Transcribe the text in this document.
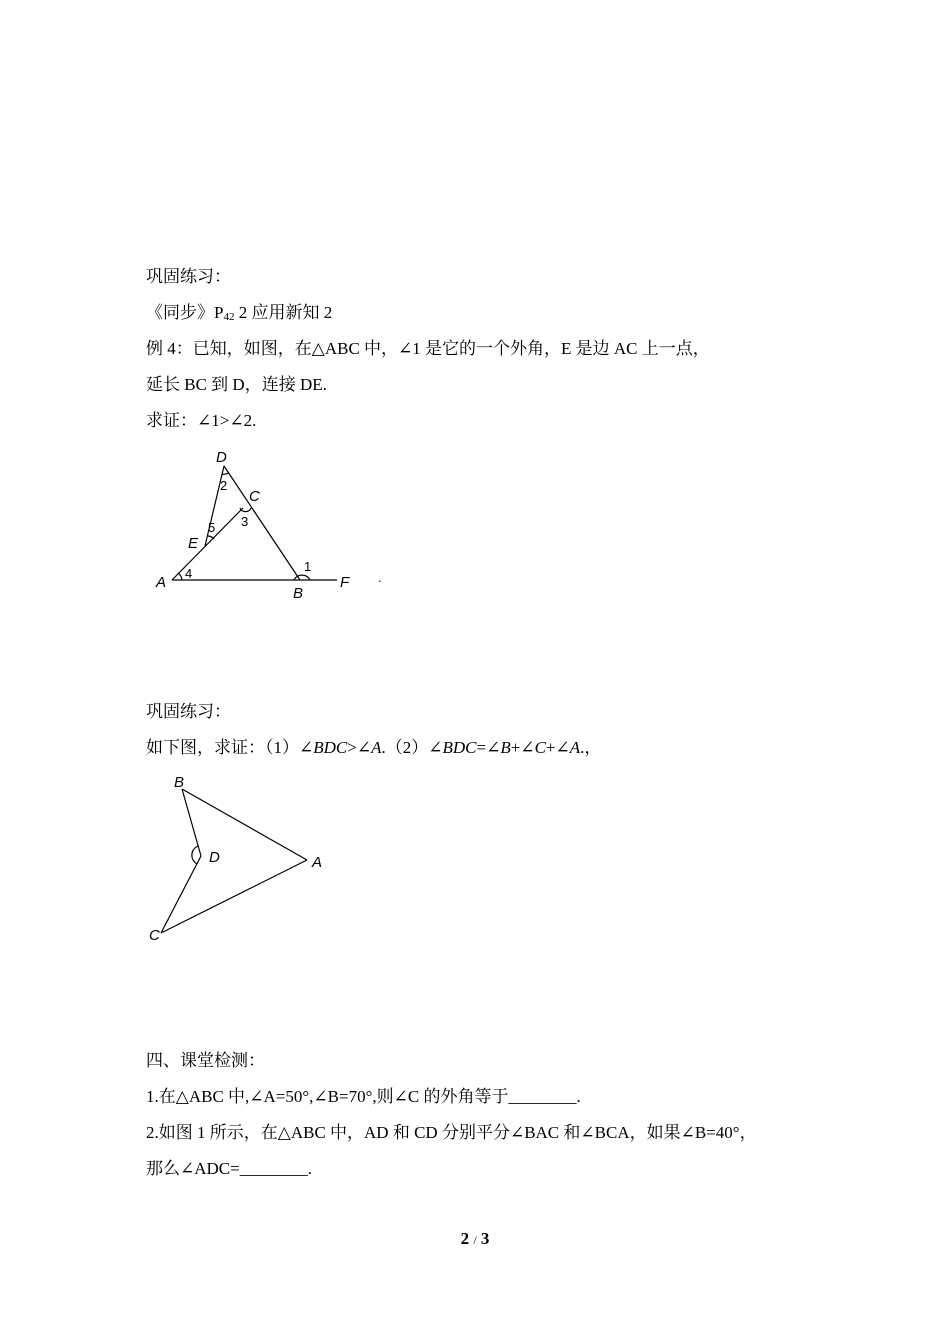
巩固练习：
《同步》$P_{42}$ 2 应用新知 2
例 4：已知，如图，在△ABC 中，∠1 是它的一个外角，E 是边 AC 上一点，
延长 BC 到 D，连接 DE.
求证：∠1>∠2.
D
C
E
A
B
F
2
3
5
4	1
.
巩固练习：
如下图，求证：（1）∠BDC>∠A.（2）∠BDC=∠B+∠C+∠A.，
B
D	A
C
四、课堂检测：
1.在△ABC 中,∠A=50°,∠B=70°,则∠C 的外角等于________.
2.如图 1 所示，在△ABC 中，AD 和 CD 分别平分∠BAC 和∠BCA，如果∠B=40°，
那么∠ADC=________.
2 / 3
